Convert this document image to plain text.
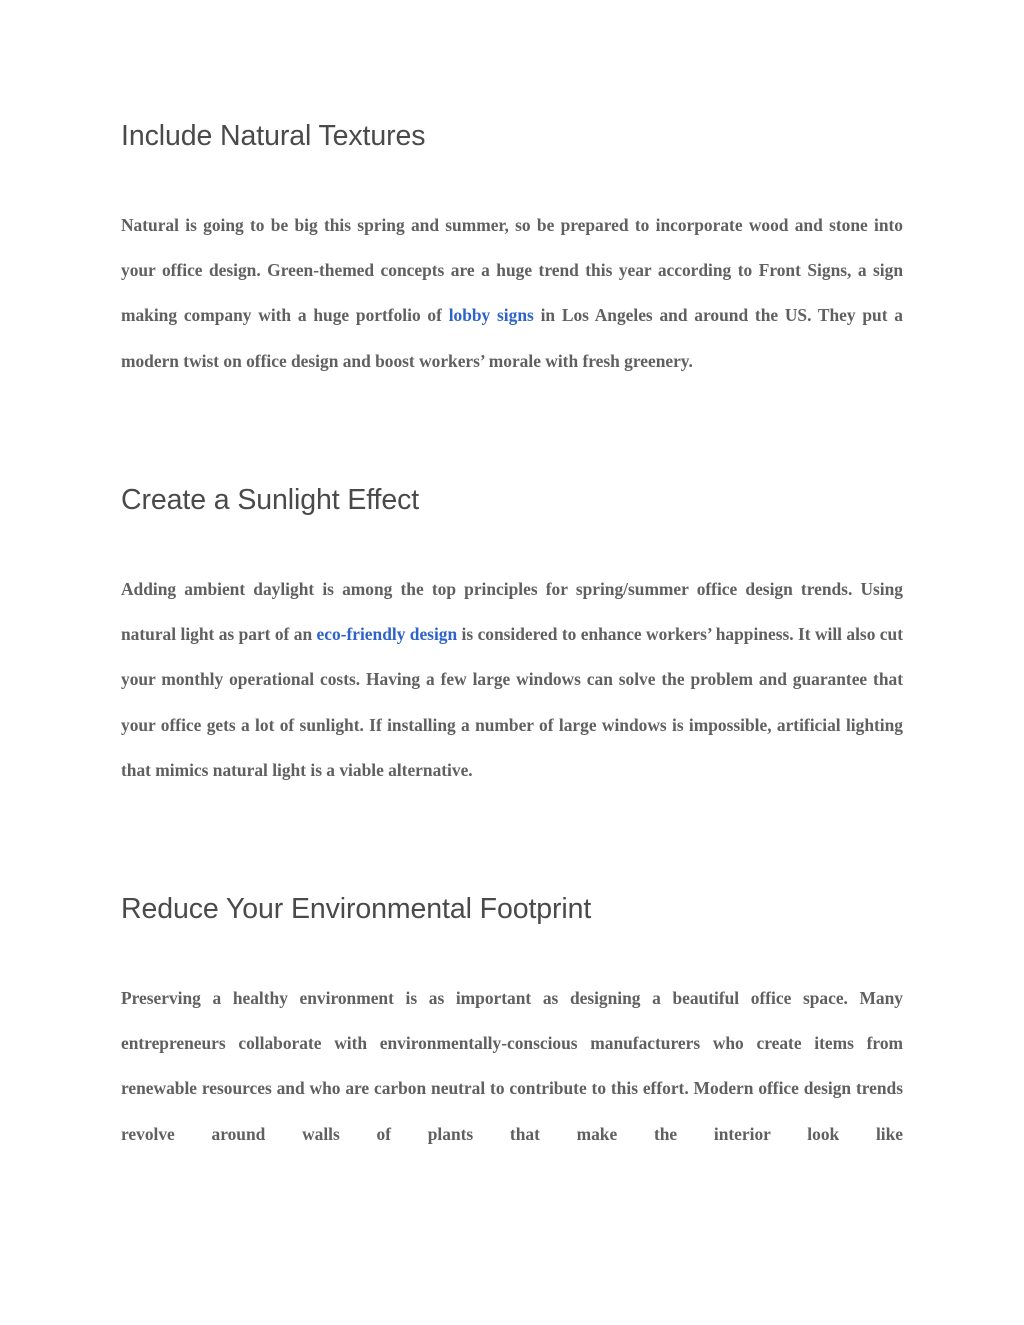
Include Natural Textures

Natural is going to be big this spring and summer, so be prepared to incorporate wood and stone into your office design. Green-themed concepts are a huge trend this year according to Front Signs, a sign making company with a huge portfolio of lobby signs in Los Angeles and around the US. They put a modern twist on office design and boost workers’ morale with fresh greenery.

Create a Sunlight Effect

Adding ambient daylight is among the top principles for spring/summer office design trends. Using natural light as part of an eco-friendly design is considered to enhance workers’ happiness. It will also cut your monthly operational costs. Having a few large windows can solve the problem and guarantee that your office gets a lot of sunlight. If installing a number of large windows is impossible, artificial lighting that mimics natural light is a viable alternative.

Reduce Your Environmental Footprint

Preserving a healthy environment is as important as designing a beautiful office space. Many entrepreneurs collaborate with environmentally-conscious manufacturers who create items from renewable resources and who are carbon neutral to contribute to this effort. Modern office design trends revolve around walls of plants that make the interior look like
